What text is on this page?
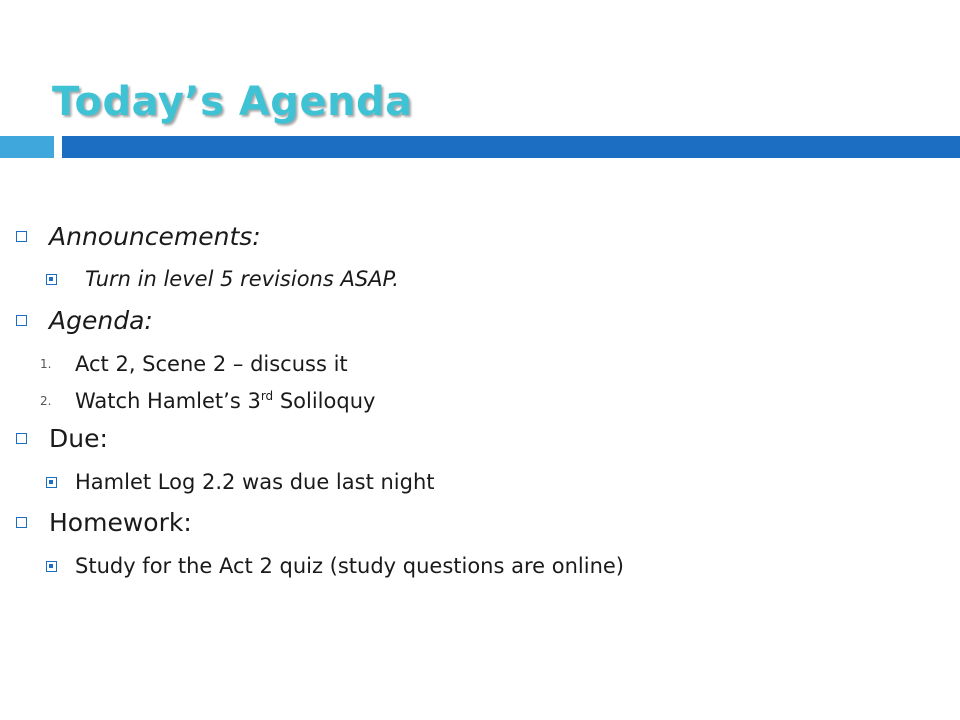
Today’s Agenda
Announcements:
Turn in level 5 revisions ASAP.
Agenda:
1.	Act 2, Scene 2 – discuss it
2.	Watch Hamlet’s 3rd Soliloquy
Due:
Hamlet Log 2.2 was due last night
Homework:
Study for the Act 2 quiz (study questions are online)
